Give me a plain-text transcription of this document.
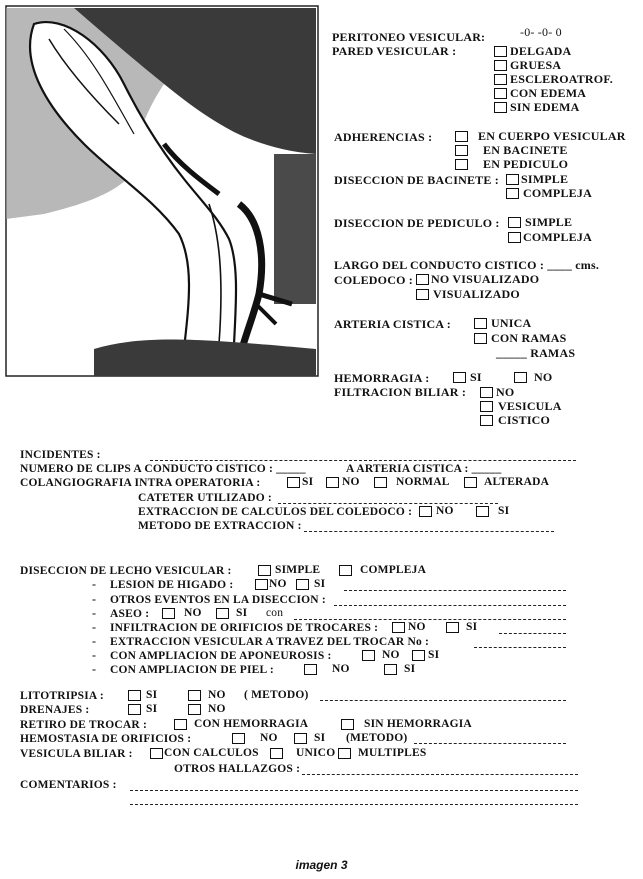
PERITONEO VESICULAR:	-0- -0- 0
PARED VESICULAR :	DELGADA
GRUESA
ESCLEROATROF.
CON EDEMA
SIN EDEMA
ADHERENCIAS :	EN CUERPO VESICULAR
EN BACINETE
EN PEDICULO
DISECCION DE BACINETE : SIMPLE
COMPLEJA
DISECCION DE PEDICULO : SIMPLE
COMPLEJA
LARGO DEL CONDUCTO CISTICO : ____ cms.
COLEDOCO : NO VISUALIZADO
VISUALIZADO
ARTERIA CISTICA :	UNICA
CON RAMAS
_____ RAMAS
HEMORRAGIA :	SI	NO
FILTRACION BILIAR : NO
VESICULA
CISTICO
INCIDENTES :
NUMERO DE CLIPS A CONDUCTO CISTICO : _____	A ARTERIA CISTICA : _____
COLANGIOGRAFIA INTRA OPERATORIA :	SI NO	NORMAL	ALTERADA
CATETER UTILIZADO :
EXTRACCION DE CALCULOS DEL COLEDOCO : NO	SI
METODO DE EXTRACCION :
DISECCION DE LECHO VESICULAR :	SIMPLE	COMPLEJA
- LESION DE HIGADO :	NO SI
- OTROS EVENTOS EN LA DISECCION :
- ASEO :	NO	SI con
- INFILTRACION DE ORIFICIOS DE TROCARES :	NO	SI
- EXTRACCION VESICULAR A TRAVEZ DEL TROCAR No :
- CON AMPLIACION DE APONEUROSIS :	NO SI
- CON AMPLIACION DE PIEL :	NO	SI
LITOTRIPSIA :	SI	NO ( METODO)
DRENAJES :	SI	NO
RETIRO DE TROCAR :	CON HEMORRAGIA	SIN HEMORRAGIA
HEMOSTASIA DE ORIFICIOS :	NO	SI (METODO)
VESICULA BILIAR :	CON CALCULOS	UNICO MULTIPLES
OTROS HALLAZGOS :
COMENTARIOS :
imagen 3
